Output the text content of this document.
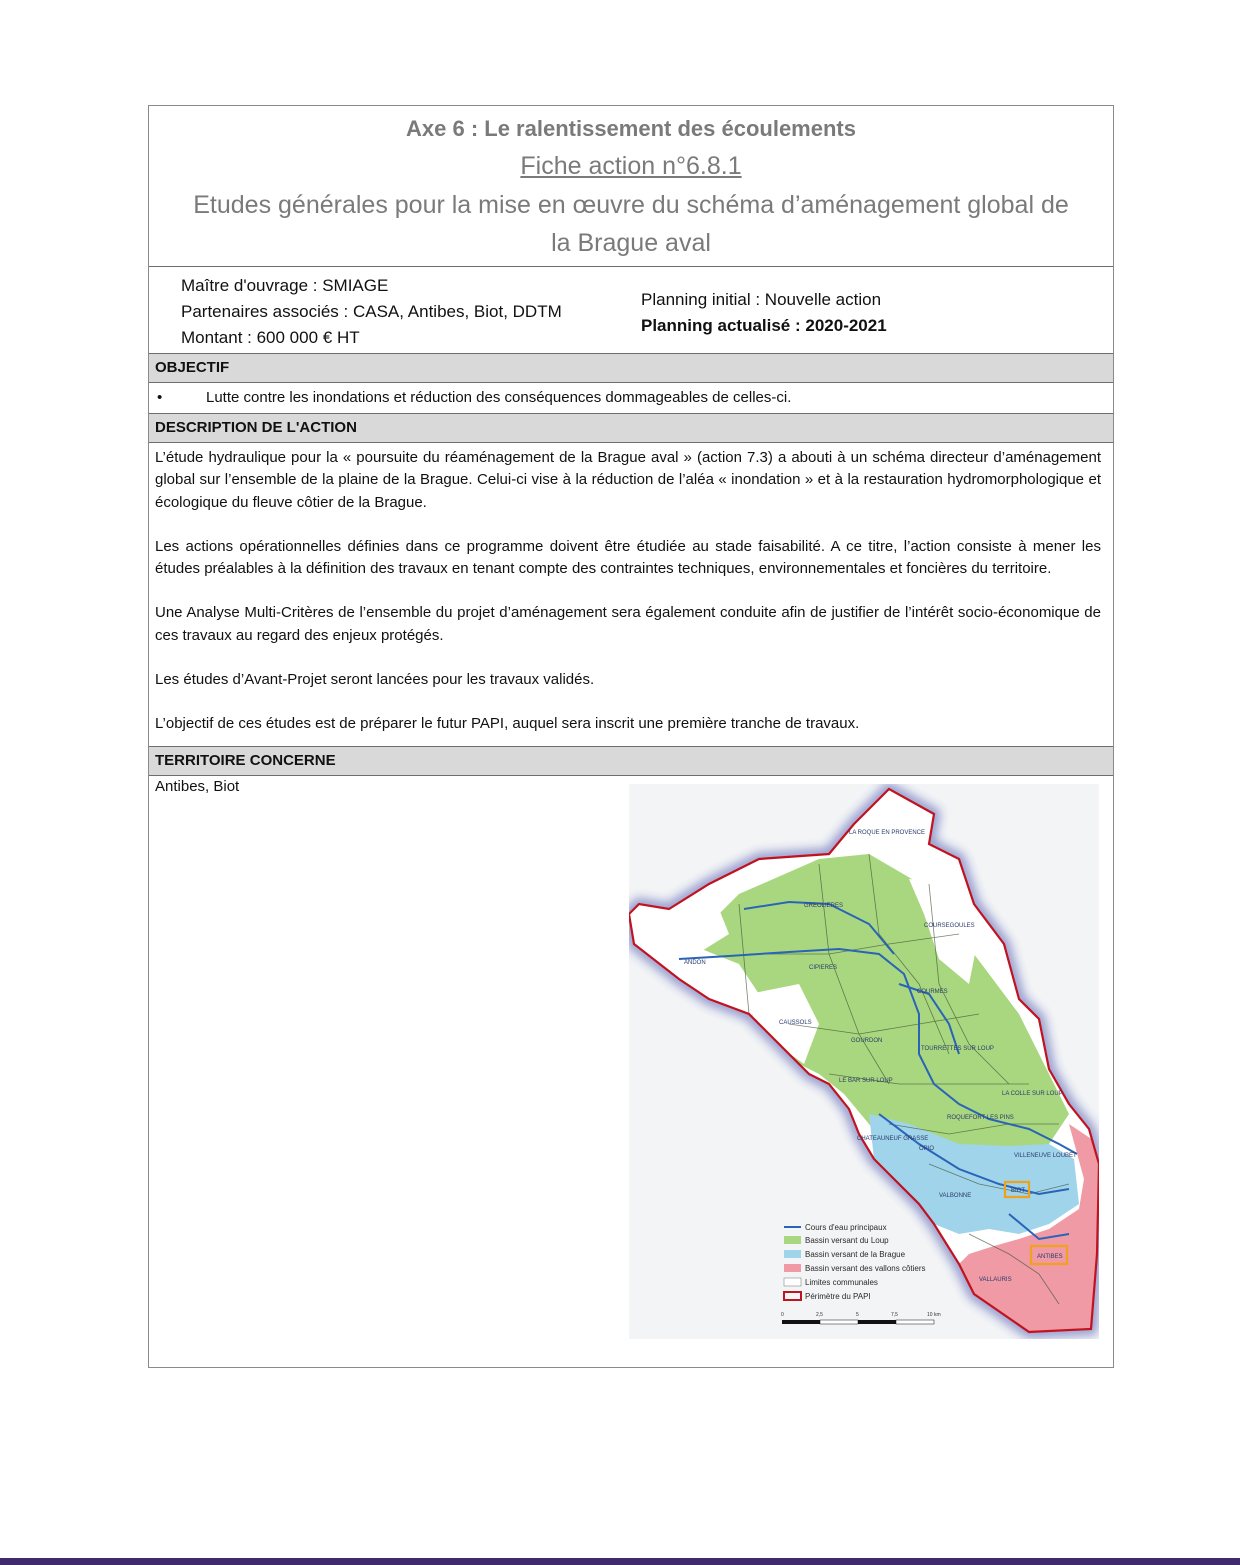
Axe 6 : Le ralentissement des écoulements
Fiche action n°6.8.1
Etudes générales pour la mise en œuvre du schéma d’aménagement global de
la Brague aval
Maître d'ouvrage : SMIAGE
Partenaires associés : CASA, Antibes, Biot, DDTM
Montant : 600 000 € HT
Planning initial : Nouvelle action
Planning actualisé : 2020-2021
OBJECTIF
•	Lutte contre les inondations et réduction des conséquences dommageables de celles-ci.
DESCRIPTION DE L'ACTION

L’étude hydraulique pour la « poursuite du réaménagement de la Brague aval » (action 7.3) a abouti à un schéma directeur d’aménagement global sur l’ensemble de la plaine de la Brague. Celui-ci vise à la réduction de l’aléa « inondation » et à la restauration hydromorphologique et écologique du fleuve côtier de la Brague.

Les actions opérationnelles définies dans ce programme doivent être étudiée au stade faisabilité. A ce titre, l’action consiste à mener les études préalables à la définition des travaux en tenant compte des contraintes techniques, environnementales et foncières du territoire.

Une Analyse Multi-Critères de l’ensemble du projet d’aménagement sera également conduite afin de justifier de l’intérêt socio-économique de ces travaux au regard des enjeux protégés.

Les études d’Avant-Projet seront lancées pour les travaux validés.

L’objectif de ces études est de préparer le futur PAPI, auquel sera inscrit une première tranche de travaux.

TERRITOIRE CONCERNE
Antibes, Biot
LA ROQUE EN PROVENCE
GREOLIERES
COURSEGOULES
ANDON
CIPIERES
COURMES
CAUSSOLS
GOURDON
TOURRETTES SUR LOUP
LE BAR SUR LOUP
LA COLLE SUR LOUP
ROQUEFORT LES PINS
CHATEAUNEUF GRASSE
OPIO
VILLENEUVE LOUBET
VALBONNE
BIOT
ANTIBES
VALLAURIS
Cours d'eau principaux
Bassin versant du Loup
Bassin versant de la Brague
Bassin versant des vallons côtiers
Limites communales
Périmètre du PAPI
0	2,5	5	7,5	10 km
